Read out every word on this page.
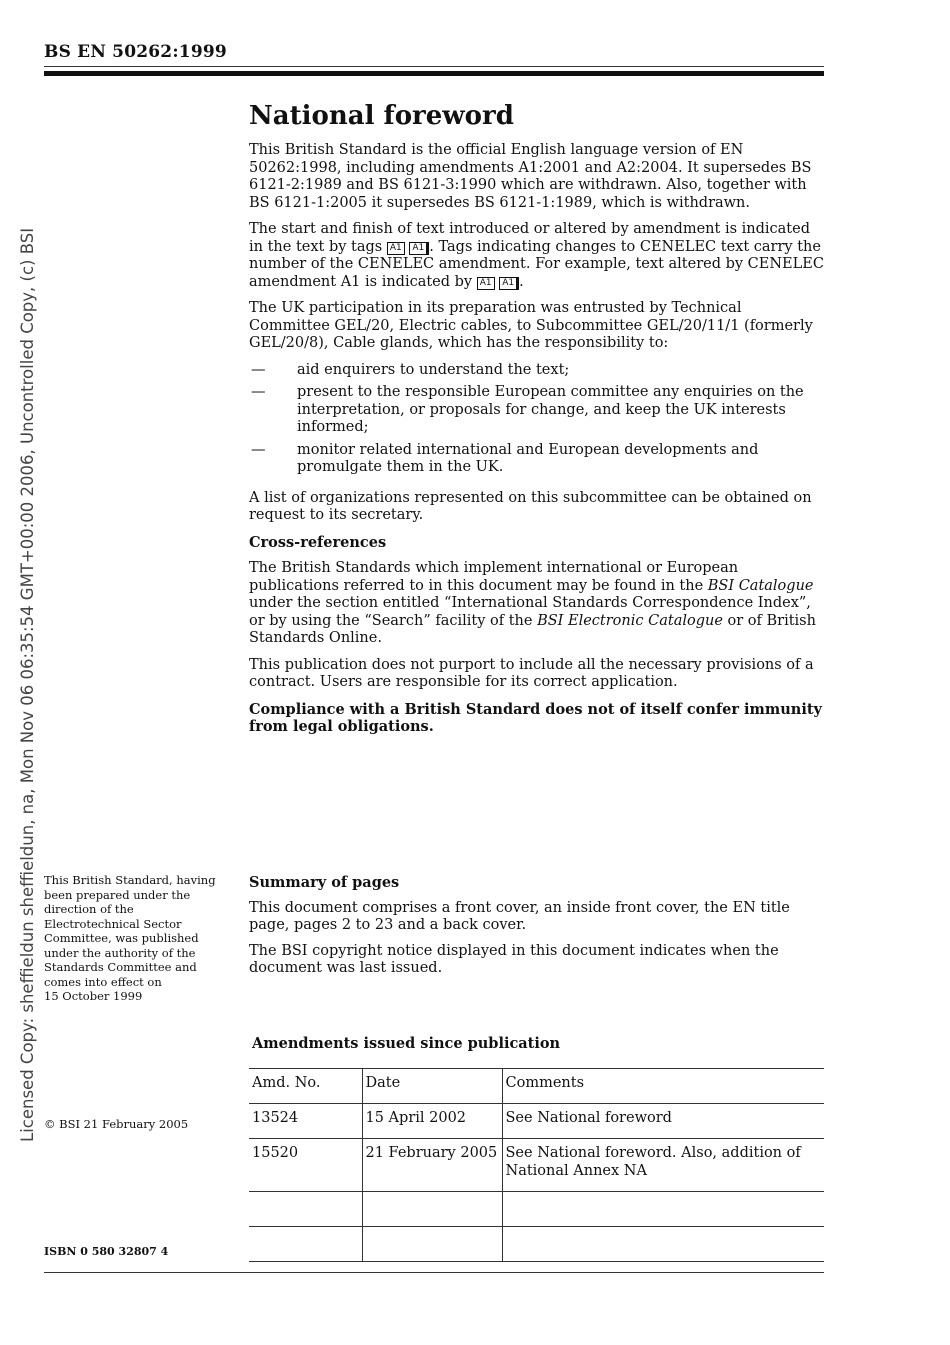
BS EN 50262:1999
Licensed Copy: sheffieldun sheffieldun, na, Mon Nov 06 06:35:54 GMT+00:00 2006, Uncontrolled Copy, (c) BSI
National foreword

This British Standard is the official English language version of EN 50262:1998, including amendments A1:2001 and A2:2004. It supersedes BS 6121-2:1989 and BS 6121-3:1990 which are withdrawn. Also, together with BS 6121-1:2005 it supersedes BS 6121-1:1989, which is withdrawn.

The start and finish of text introduced or altered by amendment is indicated in the text by tags A1 A1 . Tags indicating changes to CENELEC text carry the number of the CENELEC amendment. For example, text altered by CENELEC amendment A1 is indicated by A1 A1 .

The UK participation in its preparation was entrusted by Technical Committee GEL/20, Electric cables, to Subcommittee GEL/20/11/1 (formerly GEL/20/8), Cable glands, which has the responsibility to:

— aid enquirers to understand the text;
— present to the responsible European committee any enquiries on the interpretation, or proposals for change, and keep the UK interests informed;
— monitor related international and European developments and promulgate them in the UK.

A list of organizations represented on this subcommittee can be obtained on request to its secretary.

Cross-references

The British Standards which implement international or European publications referred to in this document may be found in the BSI Catalogue under the section entitled “International Standards Correspondence Index”, or by using the “Search” facility of the BSI Electronic Catalogue or of British Standards Online.

This publication does not purport to include all the necessary provisions of a contract. Users are responsible for its correct application.

Compliance with a British Standard does not of itself confer immunity from legal obligations.

This British Standard, having been prepared under the direction of the Electrotechnical Sector Committee, was published under the authority of the Standards Committee and comes into effect on
15 October 1999

Summary of pages

This document comprises a front cover, an inside front cover, the EN title page, pages 2 to 23 and a back cover.

The BSI copyright notice displayed in this document indicates when the document was last issued.

Amendments issued since publication
Amd. No.	Date	Comments
13524	15 April 2002	See National foreword
15520	21 February 2005	See National foreword. Also, addition of National Annex NA

© BSI 21 February 2005
ISBN 0 580 32807 4
